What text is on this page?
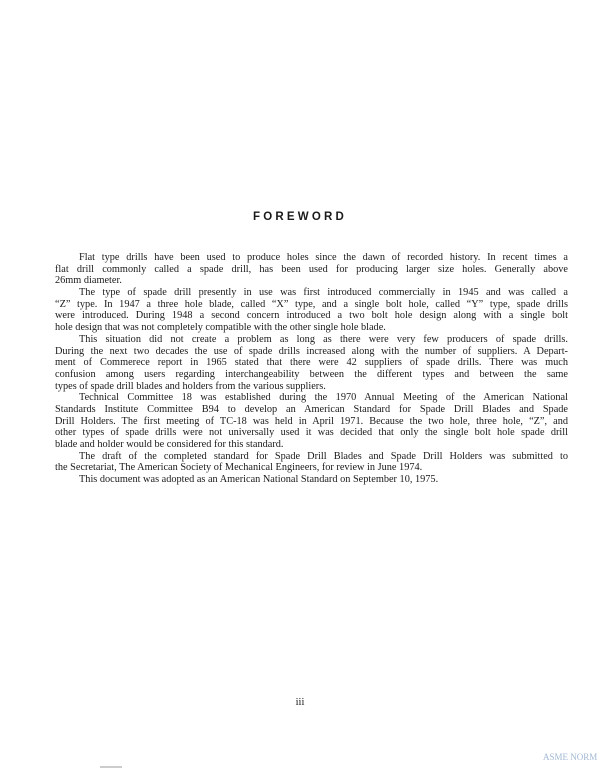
FOREWORD
Flat type drills have been used to produce holes since the dawn of recorded history. In recent times a
flat drill commonly called a spade drill, has been used for producing larger size holes. Generally above
26mm diameter.
The type of spade drill presently in use was first introduced commercially in 1945 and was called a
“Z” type. In 1947 a three hole blade, called “X” type, and a single bolt hole, called “Y” type, spade drills
were introduced. During 1948 a second concern introduced a two bolt hole design along with a single bolt
hole design that was not completely compatible with the other single hole blade.
This situation did not create a problem as long as there were very few producers of spade drills.
During the next two decades the use of spade drills increased along with the number of suppliers. A Depart-
ment of Commerece report in 1965 stated that there were 42 suppliers of spade drills. There was much
confusion among users regarding interchangeability between the different types and between the same
types of spade drill blades and holders from the various suppliers.
Technical Committee 18 was established during the 1970 Annual Meeting of the American National
Standards Institute Committee B94 to develop an American Standard for Spade Drill Blades and Spade
Drill Holders. The first meeting of TC-18 was held in April 1971. Because the two hole, three hole, “Z”, and
other types of spade drills were not universally used it was decided that only the single bolt hole spade drill
blade and holder would be considered for this standard.
The draft of the completed standard for Spade Drill Blades and Spade Drill Holders was submitted to
the Secretariat, The American Society of Mechanical Engineers, for review in June 1974.
This document was adopted as an American National Standard on September 10, 1975.
iii
ASME NORM
